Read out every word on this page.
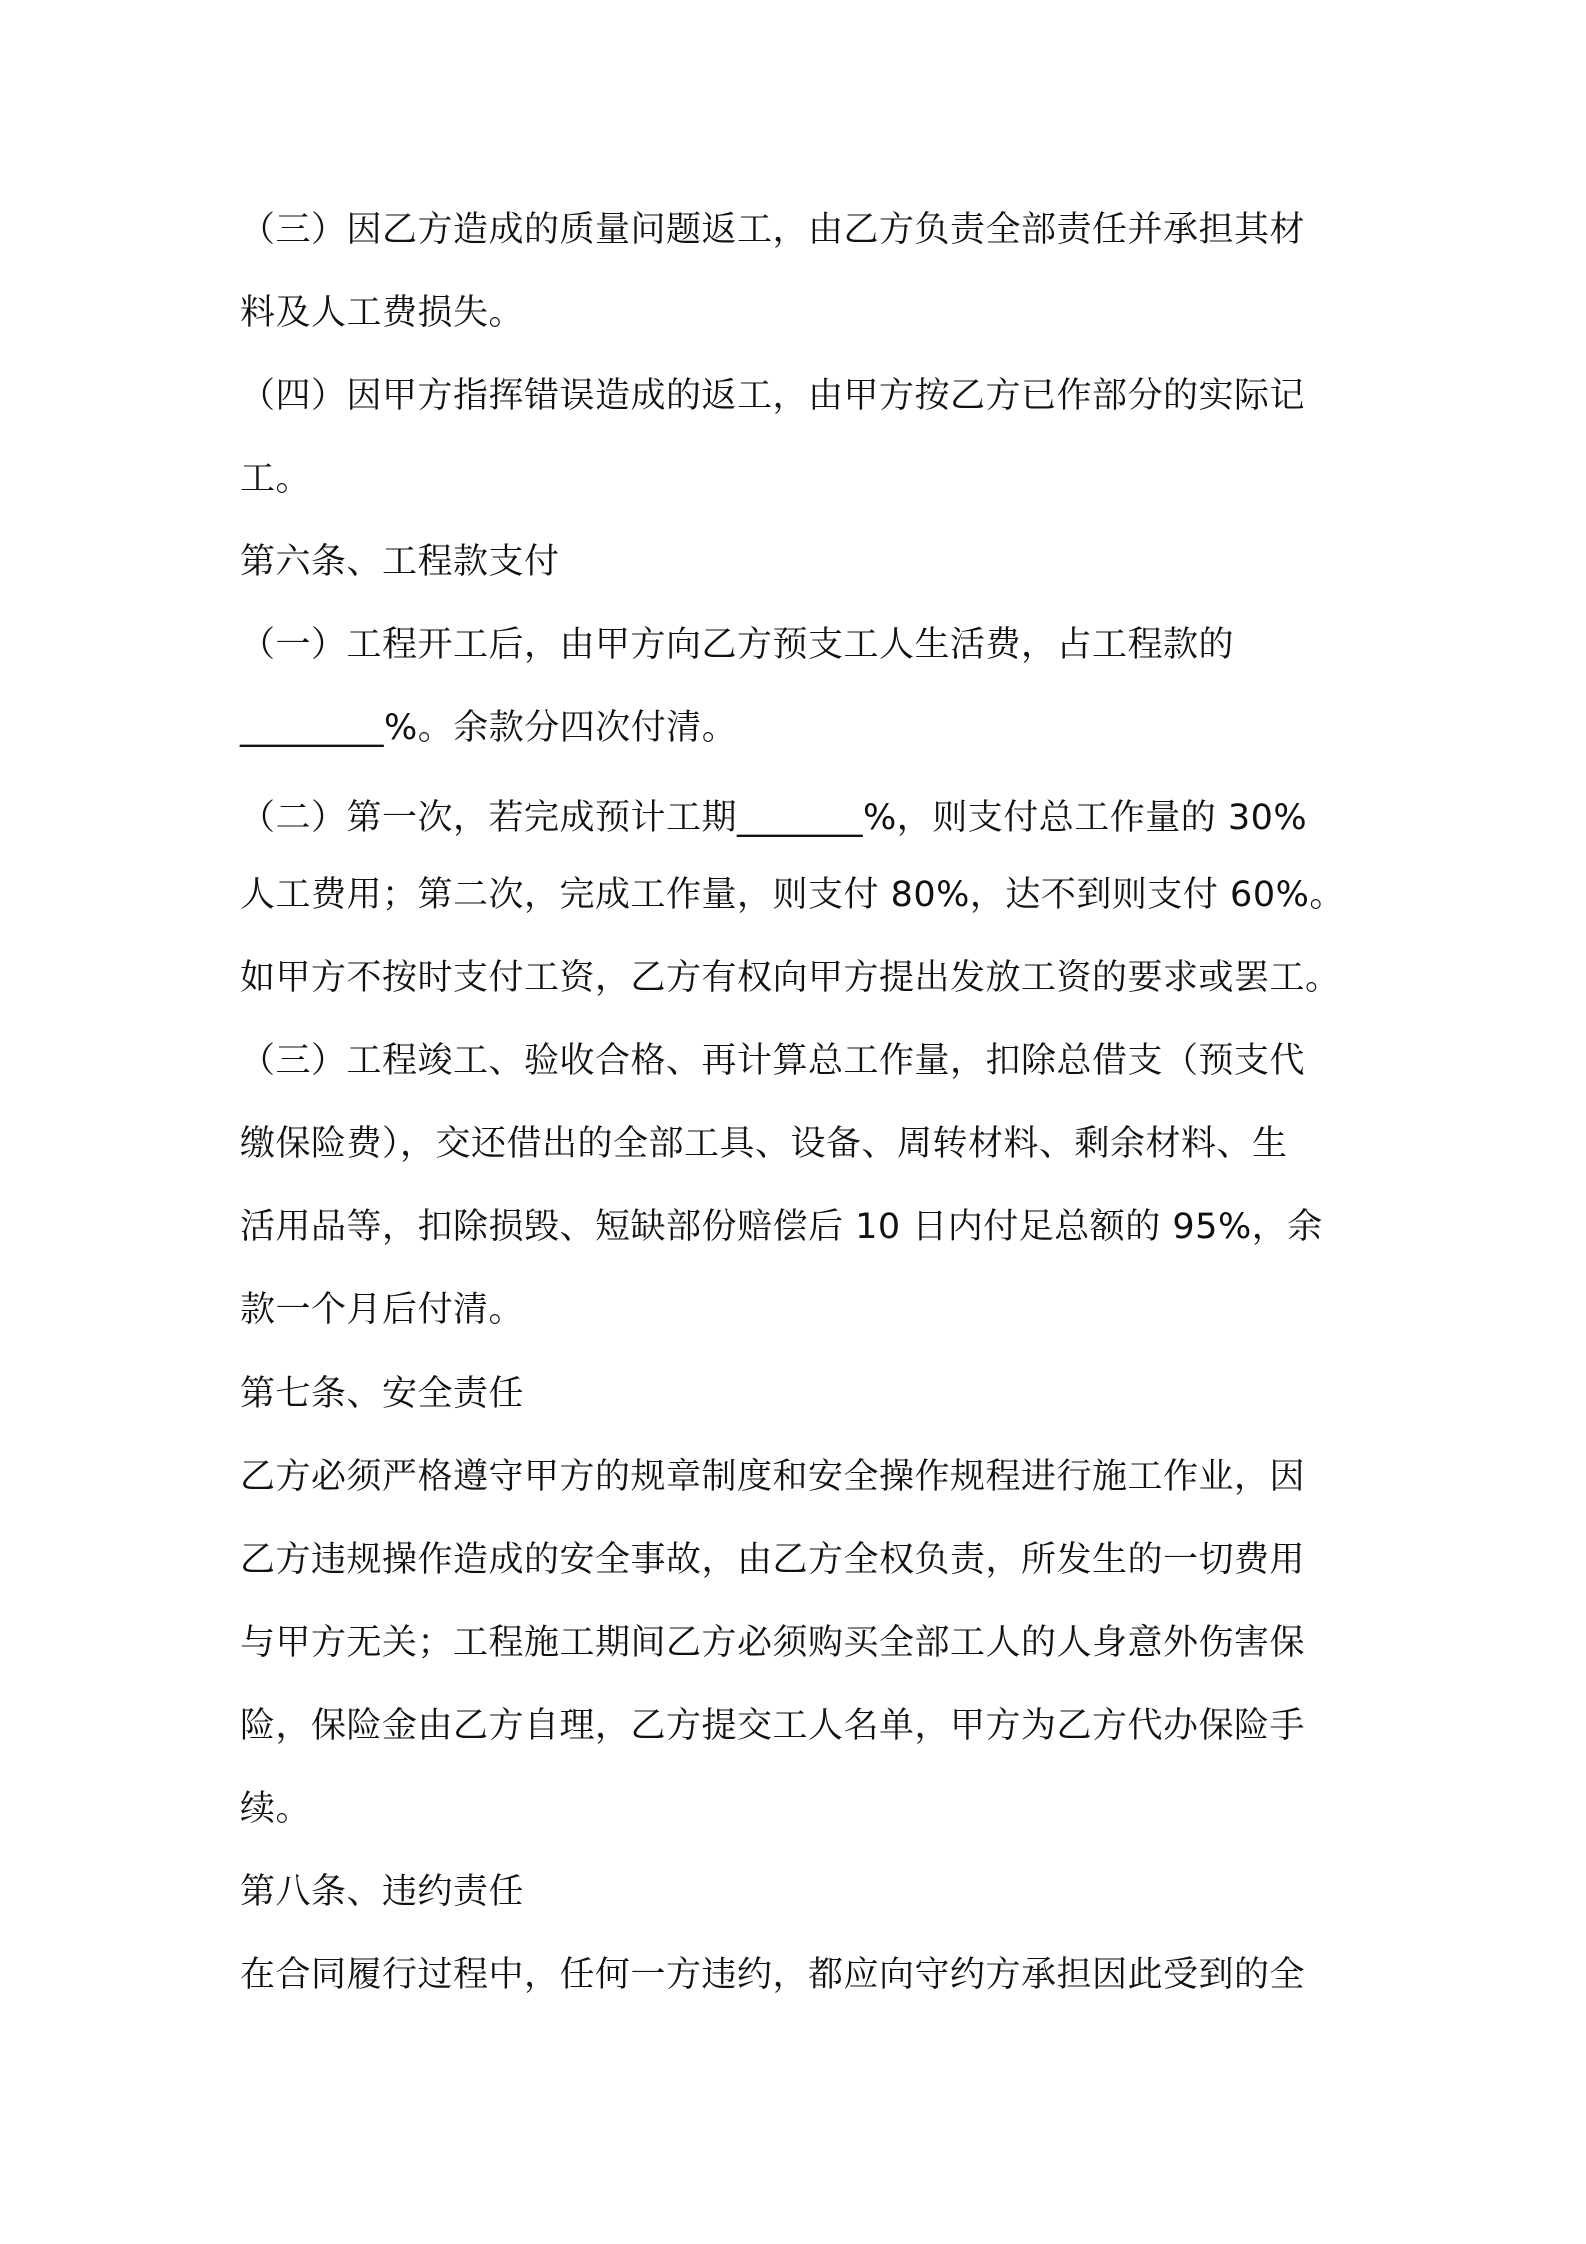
（三）因乙方造成的质量问题返工，由乙方负责全部责任并承担其材
料及人工费损失。
（四）因甲方指挥错误造成的返工，由甲方按乙方已作部分的实际记
工。
第六条、工程款支付
（一）工程开工后，由甲方向乙方预支工人生活费，占工程款的
________%。余款分四次付清。
（二）第一次，若完成预计工期_______%，则支付总工作量的 30%
人工费用；第二次，完成工作量，则支付 80%，达不到则支付 60%。
如甲方不按时支付工资，乙方有权向甲方提出发放工资的要求或罢工。
（三）工程竣工、验收合格、再计算总工作量，扣除总借支（预支代
缴保险费），交还借出的全部工具、设备、周转材料、剩余材料、生
活用品等，扣除损毁、短缺部份赔偿后 10 日内付足总额的 95%，余
款一个月后付清。
第七条、安全责任
乙方必须严格遵守甲方的规章制度和安全操作规程进行施工作业，因
乙方违规操作造成的安全事故，由乙方全权负责，所发生的一切费用
与甲方无关；工程施工期间乙方必须购买全部工人的人身意外伤害保
险，保险金由乙方自理，乙方提交工人名单，甲方为乙方代办保险手
续。
第八条、违约责任
在合同履行过程中，任何一方违约，都应向守约方承担因此受到的全
